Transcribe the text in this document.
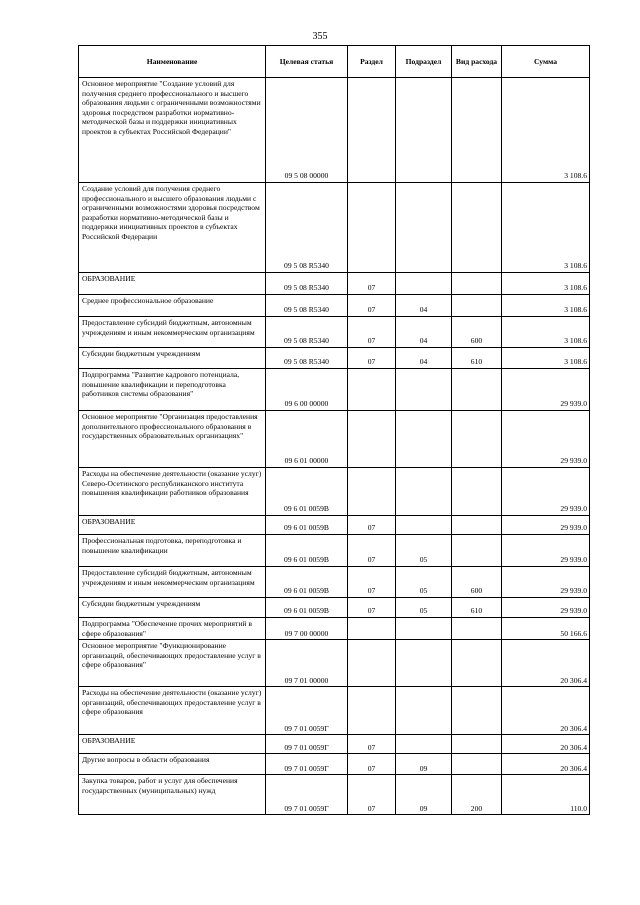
355
Наименование	Целевая статья	Раздел	Подраздел	Вид расхода	Сумма
Основное мероприятие "Создание условий для получения среднего профессионального и высшего образования людьми с ограниченными возможностями здоровья посредством разработки нормативно-методической базы и поддержки инициативных проектов в субъектах Российской Федерации"	09 5 08 00000				3 108.6
Создание условий для получения среднего профессионального и высшего образования людьми с ограниченными возможностями здоровья посредством разработки нормативно-методической базы и поддержки инициативных проектов в субъектах Российской Федерации	09 5 08 R5340				3 108.6
ОБРАЗОВАНИЕ	09 5 08 R5340	07			3 108.6
Среднее профессиональное образование	09 5 08 R5340	07	04		3 108.6
Предоставление субсидий бюджетным, автономным учреждениям и иным некоммерческим организациям	09 5 08 R5340	07	04	600	3 108.6
Субсидии бюджетным учреждениям	09 5 08 R5340	07	04	610	3 108.6
Подпрограмма "Развитие кадрового потенциала, повышение квалификации и переподготовка работников системы образования"	09 6 00 00000				29 939.0
Основное мероприятие "Организация предоставления дополнительного профессионального образования в государственных образовательных организациях"	09 6 01 00000				29 939.0
Расходы на обеспечение деятельности (оказание услуг) Северо-Осетинского республиканского института повышения квалификации работников образования	09 6 01 0059В				29 939.0
ОБРАЗОВАНИЕ	09 6 01 0059В	07			29 939.0
Профессиональная подготовка, переподготовка и повышение квалификации	09 6 01 0059В	07	05		29 939.0
Предоставление субсидий бюджетным, автономным учреждениям и иным некоммерческим организациям	09 6 01 0059В	07	05	600	29 939.0
Субсидии бюджетным учреждениям	09 6 01 0059В	07	05	610	29 939.0
Подпрограмма "Обеспечение прочих мероприятий в сфере образования"	09 7 00 00000				50 166.6
Основное мероприятие "Функционирование организаций, обеспечивающих предоставление услуг в сфере образования"	09 7 01 00000				20 306.4
Расходы на обеспечение деятельности (оказание услуг) организаций, обеспечивающих предоставление услуг в сфере образования	09 7 01 0059Г				20 306.4
ОБРАЗОВАНИЕ	09 7 01 0059Г	07			20 306.4
Другие вопросы в области образования	09 7 01 0059Г	07	09		20 306.4
Закупка товаров, работ и услуг для обеспечения государственных (муниципальных) нужд	09 7 01 0059Г	07	09	200	110.0
